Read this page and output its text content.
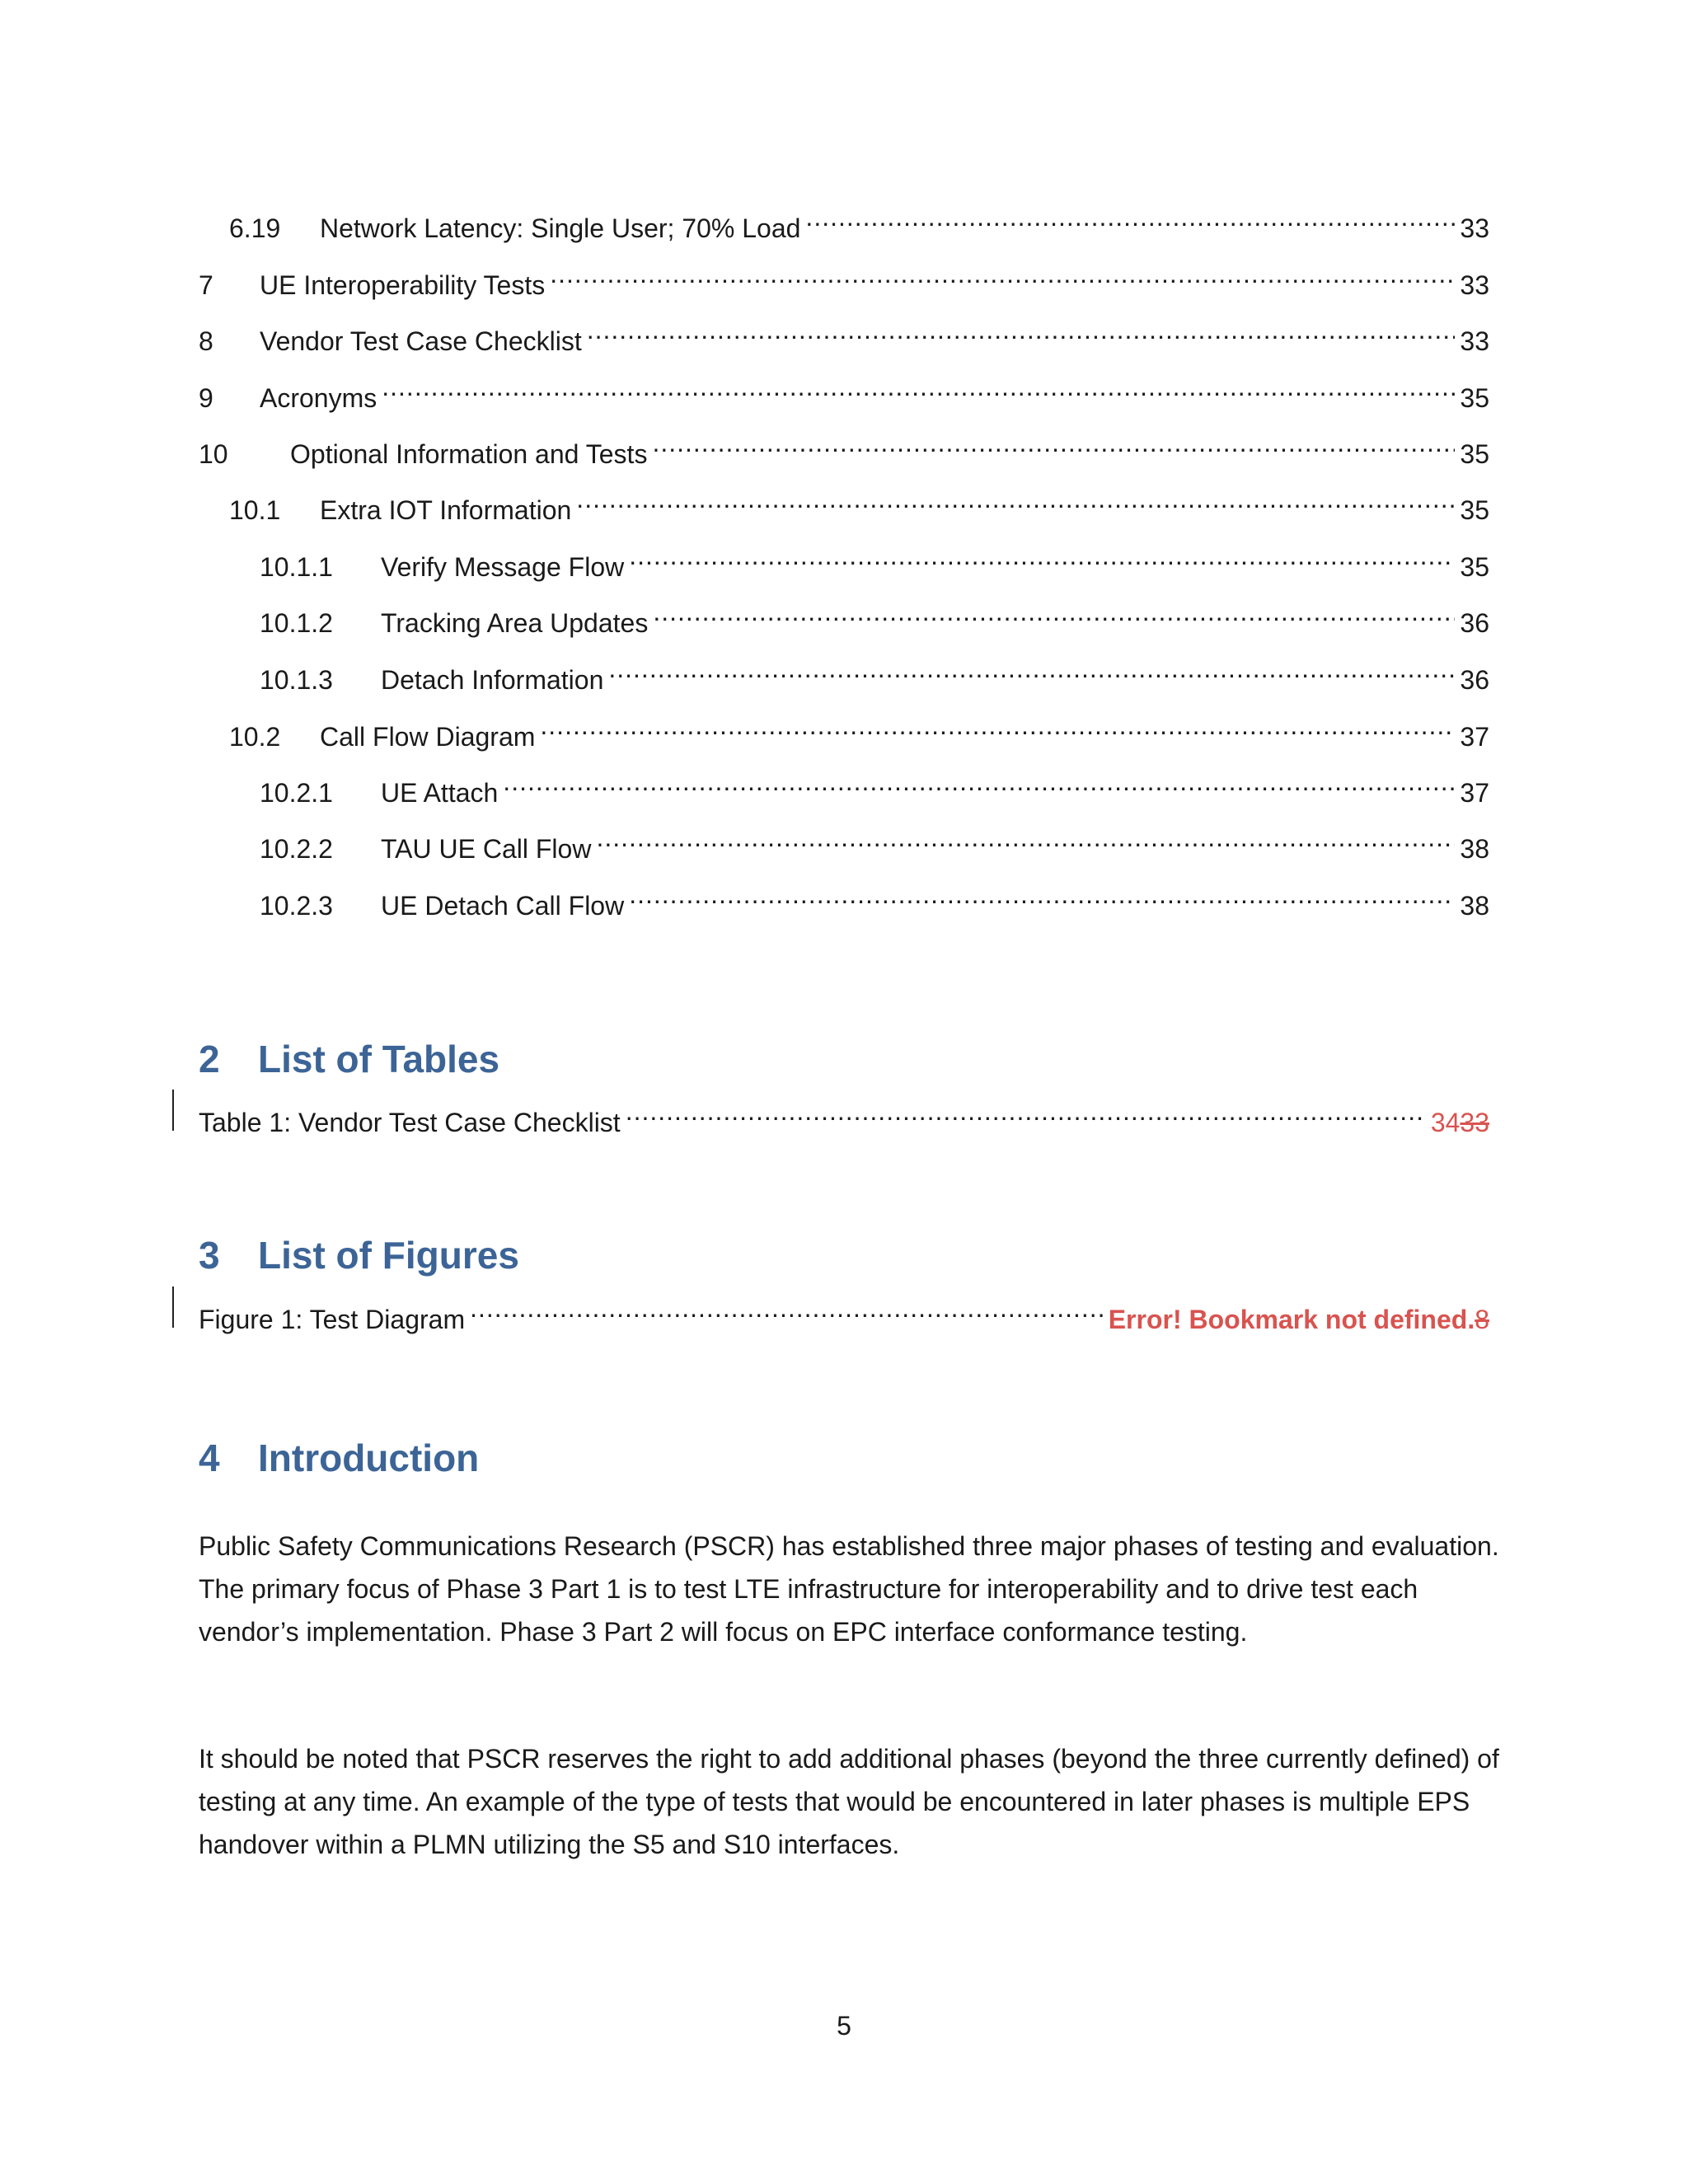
6.19	Network Latency: Single User; 70% Load .....	33
7	UE Interoperability Tests .....	33
8	Vendor Test Case Checklist .....	33
9	Acronyms .....	35
10	Optional Information and Tests .....	35
10.1	Extra IOT Information .....	35
10.1.1	Verify Message Flow .....	35
10.1.2	Tracking Area Updates .....	36
10.1.3	Detach Information .....	36
10.2	Call Flow Diagram .....	37
10.2.1	UE Attach .....	37
10.2.2	TAU UE Call Flow .....	38
10.2.3	UE Detach Call Flow .....	38
2	List of Tables
Table 1: Vendor Test Case Checklist .....	3433
3	List of Figures
Figure 1: Test Diagram .....	Error! Bookmark not defined.8
4	Introduction

Public Safety Communications Research (PSCR) has established three major phases of testing and evaluation. The primary focus of Phase 3 Part 1 is to test LTE infrastructure for interoperability and to drive test each vendor’s implementation. Phase 3 Part 2 will focus on EPC interface conformance testing.

It should be noted that PSCR reserves the right to add additional phases (beyond the three currently defined) of testing at any time. An example of the type of tests that would be encountered in later phases is multiple EPS handover within a PLMN utilizing the S5 and S10 interfaces.

5
